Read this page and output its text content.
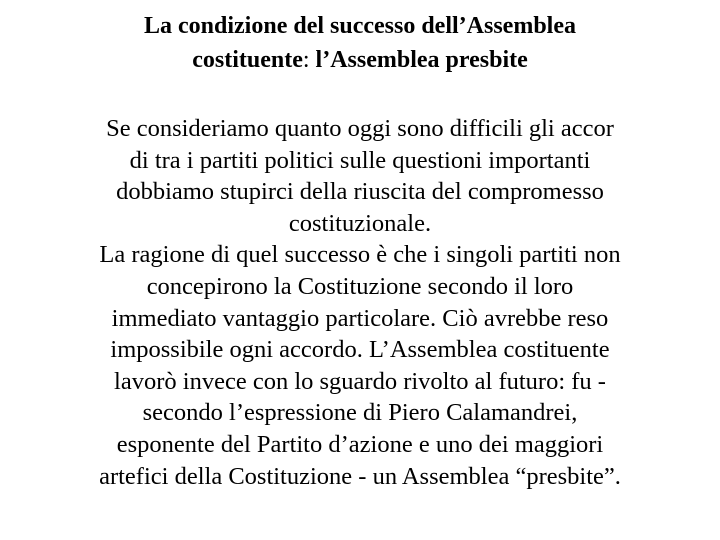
La condizione del successo dell’Assemblea
costituente: l’Assemblea presbite
Se consideriamo quanto oggi sono difficili gli accor
di tra i partiti politici sulle questioni importanti
dobbiamo stupirci della riuscita del compromesso
costituzionale.
La ragione di quel successo è che i singoli partiti non
concepirono la Costituzione secondo il loro
immediato vantaggio particolare. Ciò avrebbe reso
impossibile ogni accordo. L’Assemblea costituente
lavorò invece con lo sguardo rivolto al futuro: fu -
secondo l’espressione di Piero Calamandrei,
esponente del Partito d’azione e uno dei maggiori
artefici della Costituzione - un Assemblea “presbite”.
